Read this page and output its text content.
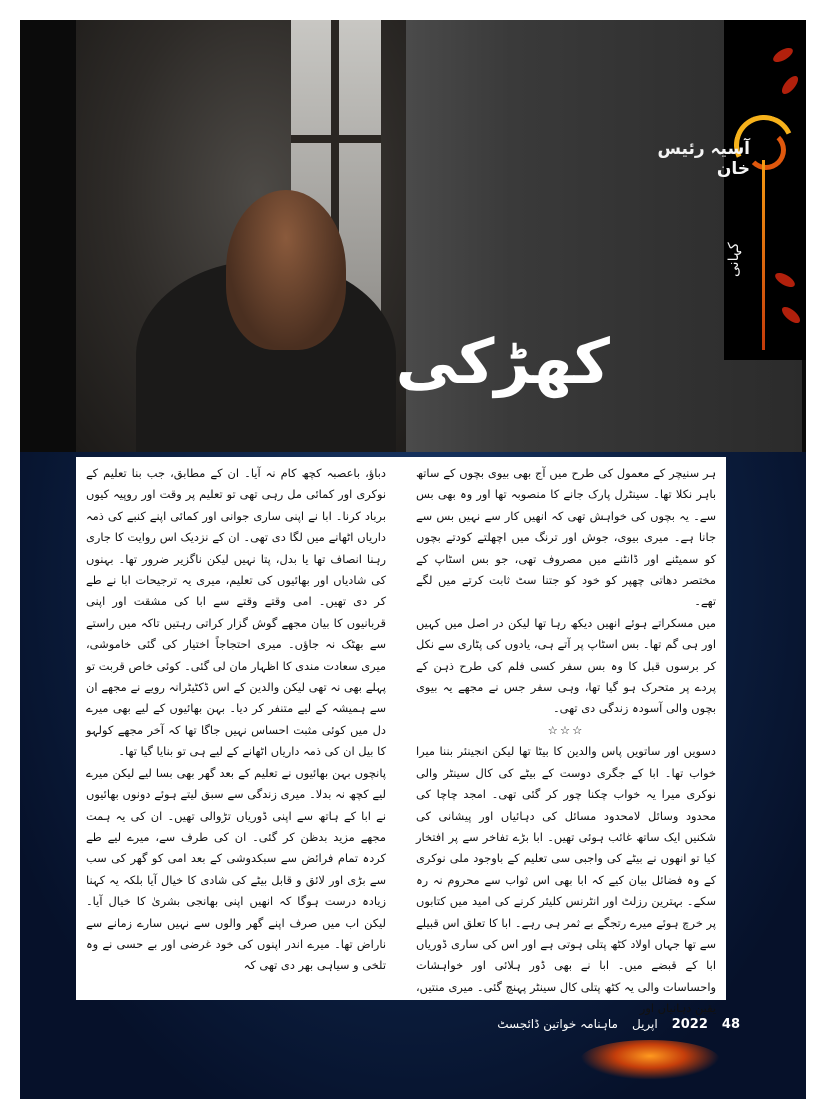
کہانی
آسیہ رئیس خان
کھڑکی

ہر سنیچر کے معمول کی طرح میں آج بھی بیوی بچوں کے ساتھ باہر نکلا تھا۔ سینٹرل پارک جانے کا منصوبہ تھا اور وہ بھی بس سے۔ یہ بچوں کی خواہش تھی کہ انھیں کار سے نہیں بس سے جانا ہے۔ میری بیوی، جوش اور ترنگ میں اچھلتے کودتے بچوں کو سمیٹنے اور ڈانٹنے میں مصروف تھی، جو بس اسٹاپ کے مختصر دھاتی چھپر کو خود کو جتنا سٹ ثابت کرتے میں لگے تھے۔

میں مسکراتے ہوئے انھیں دیکھ رہا تھا لیکن در اصل میں کہیں اور ہی گم تھا۔ بس اسٹاپ پر آتے ہی، یادوں کی پٹاری سے نکل کر برسوں قبل کا وہ بس سفر کسی فلم کی طرح ذہن کے پردے پر متحرک ہو گیا تھا، وہی سفر جس نے مجھے یہ بیوی بچوں والی آسودہ زندگی دی تھی۔

☆☆☆

دسویں اور ساتویں پاس والدین کا بیٹا تھا لیکن انجینئر بننا میرا خواب تھا۔ ابا کے جگری دوست کے بیٹے کی کال سینٹر والی نوکری میرا یہ خواب چکنا چور کر گئی تھی۔ امجد چاچا کی محدود وسائل لامحدود مسائل کی دہائیاں اور پیشانی کی شکنیں ایک ساتھ غائب ہوئی تھیں۔ ابا بڑے تفاخر سے پر افتخار کیا تو انھوں نے بیٹے کی واجبی سی تعلیم کے باوجود ملی نوکری کے وہ فضائل بیان کیے کہ ابا بھی اس ثواب سے محروم نہ رہ سکے۔ بہترین رزلٹ اور انٹرنس کلیئر کرنے کی امید میں کتابوں پر خرچ ہوئے میرے رتجگے بے ثمر ہی رہے۔ ابا کا تعلق اس قبیلے سے تھا جہاں اولاد کٹھ پتلی ہوتی ہے اور اس کی ساری ڈوریاں ابا کے قبضے میں۔ ابا نے بھی ڈور ہلائی اور خواہشات واحساسات والی یہ کٹھ پتلی کال سینٹر پہنچ گئی۔ میری منتیں، یقین دہانیاں اور

دباؤ، باعصبہ کچھ کام نہ آیا۔ ان کے مطابق، جب بنا تعلیم کے نوکری اور کمائی مل رہی تھی تو تعلیم پر وقت اور روپیہ کیوں برباد کرنا۔ ابا نے اپنی ساری جوانی اور کمائی اپنے کنبے کی ذمہ داریاں اٹھانے میں لگا دی تھی۔ ان کے نزدیک اس روایت کا جاری رہنا انصاف تھا یا بدل، پتا نہیں لیکن ناگزیر ضرور تھا۔ بہنوں کی شادیاں اور بھائیوں کی تعلیم، میری یہ ترجیحات ابا نے طے کر دی تھیں۔ امی وقتے وقتے سے ابا کی مشقت اور اپنی قربانیوں کا بیان مجھے گوش گزار کراتی رہتیں تاکہ میں راستے سے بھٹک نہ جاؤں۔ میری احتجاجاً اختیار کی گئی خاموشی، میری سعادت مندی کا اظہار مان لی گئی۔ کوئی خاص قربت تو پہلے بھی نہ تھی لیکن والدین کے اس ڈکٹیٹرانہ رویے نے مجھے ان سے ہمیشہ کے لیے متنفر کر دیا۔ بہن بھائیوں کے لیے بھی میرے دل میں کوئی مثبت احساس نہیں جاگا تھا کہ آخر مجھے کولہو کا بیل ان کی ذمہ داریاں اٹھانے کے لیے ہی تو بنایا گیا تھا۔

پانچوں بہن بھائیوں نے تعلیم کے بعد گھر بھی بسا لیے لیکن میرے لیے کچھ نہ بدلا۔ میری زندگی سے سبق لیتے ہوئے دونوں بھائیوں نے ابا کے ہاتھ سے اپنی ڈوریاں تڑوالی تھیں۔ ان کی یہ ہمت مجھے مزید بدظن کر گئی۔ ان کی طرف سے، میرے لیے طے کردہ تمام فرائض سے سبکدوشی کے بعد امی کو گھر کی سب سے بڑی اور لائق و قابل بیٹے کی شادی کا خیال آیا بلکہ یہ کہنا زیادہ درست ہوگا کہ انھیں اپنی بھانجی بشریٰ کا خیال آیا۔ لیکن اب میں صرف اپنے گھر والوں سے نہیں سارے زمانے سے ناراض تھا۔ میرے اندر اپنوں کی خود غرضی اور بے حسی نے وہ تلخی و سیاہی بھر دی تھی کہ

48
2022
اپریل
ماہنامہ خواتین ڈائجسٹ
